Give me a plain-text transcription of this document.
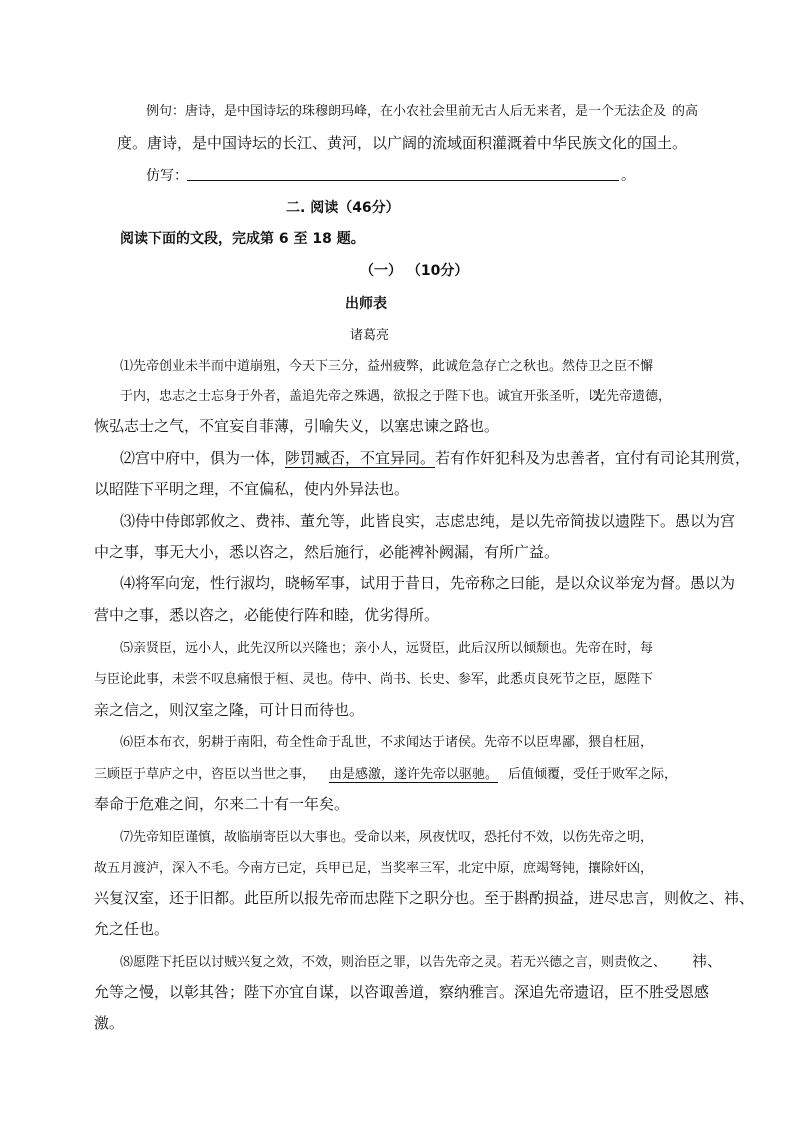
例句：唐诗，是中国诗坛的珠穆朗玛峰，在小农社会里前无古人后无来者，是一个无法企及 的高
度。唐诗，是中国诗坛的长江、黄河，以广阔的流域面积灌溉着中华民族文化的国土。
仿写：	。
二. 阅读（46分）
阅读下面的文段，完成第 6 至 18 题。
（一） （10分）
出师表
诸葛亮
⑴先帝创业未半而中道崩殂，今天下三分，益州疲弊，此诚危急存亡之秋也。然侍卫之臣不懈
于内，忠志之士忘身于外者，盖追先帝之殊遇，欲报之于陛下也。诚宜开张圣听，以
光先帝遗德，
恢弘志士之气，不宜妄自菲薄，引喻失义，以塞忠谏之路也。
⑵宫中府中，俱为一体，陟罚臧否，不宜异同。若有作奸犯科及为忠善者，宜付有司论其刑赏，
以昭陛下平明之理，不宜偏私，使内外异法也。
⑶侍中侍郎郭攸之、费祎、董允等，此皆良实，志虑忠纯，是以先帝简拔以遗陛下。愚以为宫
中之事，事无大小，悉以咨之，然后施行，必能裨补阙漏，有所广益。
⑷将军向宠，性行淑均，晓畅军事，试用于昔日，先帝称之曰能，是以众议举宠为督。愚以为
营中之事，悉以咨之，必能使行阵和睦，优劣得所。
⑸亲贤臣，远小人，此先汉所以兴隆也；亲小人，远贤臣，此后汉所以倾颓也。先帝在时，每
与臣论此事，未尝不叹息痛恨于桓、灵也。侍中、尚书、长史、参军，此悉贞良死节之臣，愿陛下
亲之信之，则汉室之隆，可计日而待也。
⑹臣本布衣，躬耕于南阳，苟全性命于乱世，不求闻达于诸侯。先帝不以臣卑鄙，猥自枉屈，
三顾臣于草庐之中，咨臣以当世之事， 由是感激，遂许先帝以驱驰。 后值倾覆，受任于败军之际，
奉命于危难之间，尔来二十有一年矣。
⑺先帝知臣谨慎，故临崩寄臣以大事也。受命以来，夙夜忧叹，恐托付不效，以伤先帝之明，
故五月渡泸，深入不毛。今南方已定，兵甲已足，当奖率三军，北定中原，庶竭驽钝，攘除奸凶，
兴复汉室，还于旧都。此臣所以报先帝而忠陛下之职分也。至于斟酌损益，进尽忠言，则攸之、祎、
允之任也。
⑻愿陛下托臣以讨贼兴复之效，不效，则治臣之罪，以告先帝之灵。若无兴德之言，则责攸之、 祎、
允等之慢，以彰其咎；陛下亦宜自谋，以咨诹善道，察纳雅言。深追先帝遗诏，臣不胜受恩感
激。
